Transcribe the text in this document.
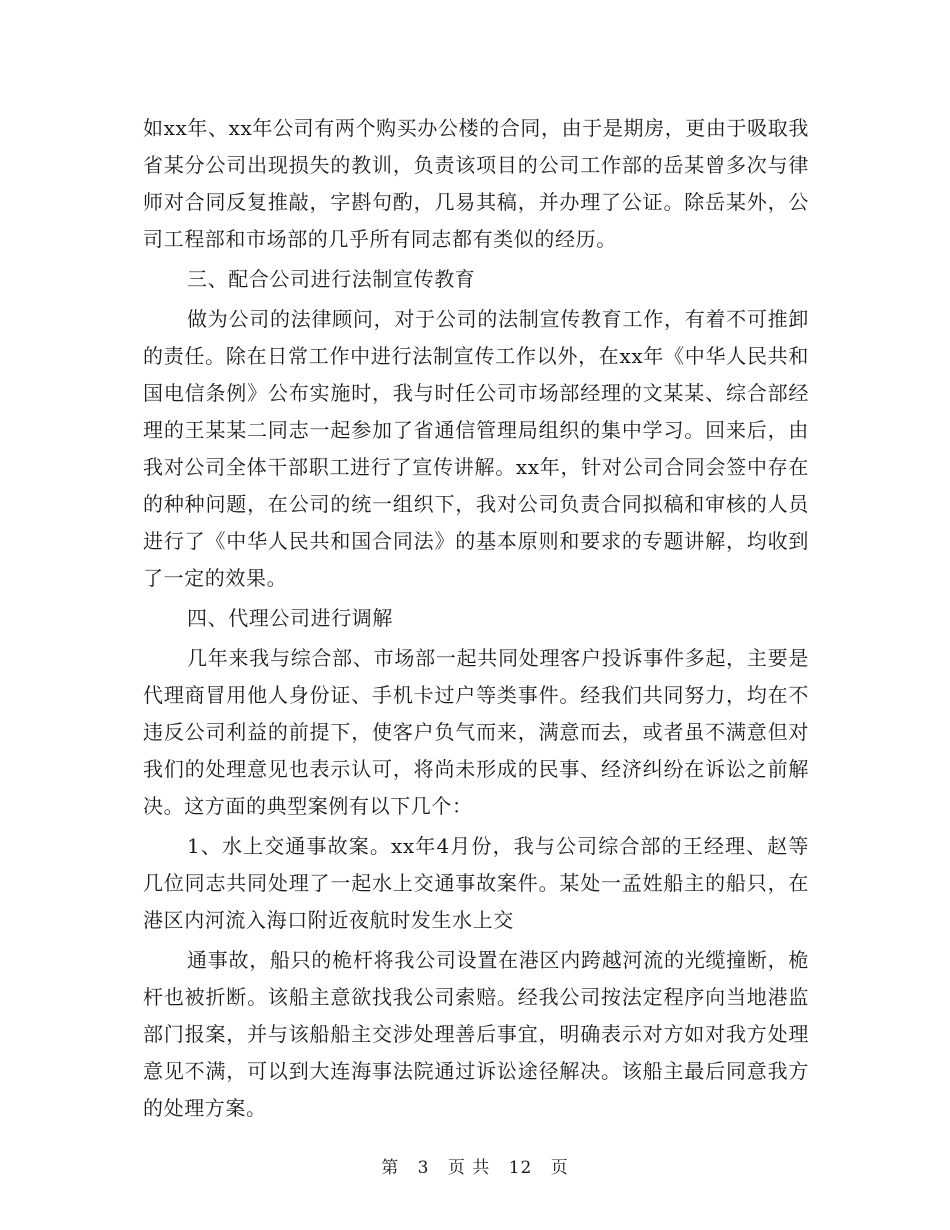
如xx年、xx年公司有两个购买办公楼的合同，由于是期房，更由于吸取我省某分公司出现损失的教训，负责该项目的公司工作部的岳某曾多次与律师对合同反复推敲，字斟句酌，几易其稿，并办理了公证。除岳某外，公司工程部和市场部的几乎所有同志都有类似的经历。

三、配合公司进行法制宣传教育

做为公司的法律顾问，对于公司的法制宣传教育工作，有着不可推卸的责任。除在日常工作中进行法制宣传工作以外，在xx年《中华人民共和国电信条例》公布实施时，我与时任公司市场部经理的文某某、综合部经理的王某某二同志一起参加了省通信管理局组织的集中学习。回来后，由我对公司全体干部职工进行了宣传讲解。xx年，针对公司合同会签中存在的种种问题，在公司的统一组织下，我对公司负责合同拟稿和审核的人员进行了《中华人民共和国合同法》的基本原则和要求的专题讲解，均收到了一定的效果。

四、代理公司进行调解

几年来我与综合部、市场部一起共同处理客户投诉事件多起，主要是代理商冒用他人身份证、手机卡过户等类事件。经我们共同努力，均在不违反公司利益的前提下，使客户负气而来，满意而去，或者虽不满意但对我们的处理意见也表示认可，将尚未形成的民事、经济纠纷在诉讼之前解决。这方面的典型案例有以下几个：

1、水上交通事故案。xx年4月份，我与公司综合部的王经理、赵等几位同志共同处理了一起水上交通事故案件。某处一孟姓船主的船只，在港区内河流入海口附近夜航时发生水上交

通事故，船只的桅杆将我公司设置在港区内跨越河流的光缆撞断，桅杆也被折断。该船主意欲找我公司索赔。经我公司按法定程序向当地港监部门报案，并与该船船主交涉处理善后事宜，明确表示对方如对我方处理意见不满，可以到大连海事法院通过诉讼途径解决。该船主最后同意我方的处理方案。

第 3 页 共 12 页
